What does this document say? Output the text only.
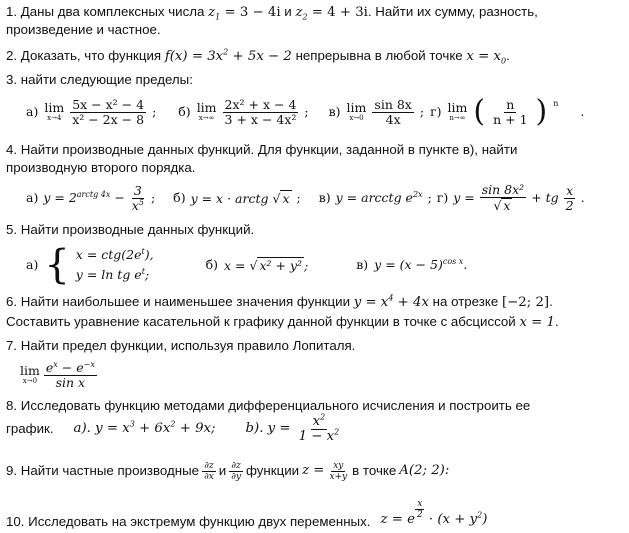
1. Даны два комплексных числа $z_1 = 3 - 4i$ и $z_2 = 4 + 3i$. Найти их сумму, разность,
произведение и частное.
2. Доказать, что функция $f(x) = 3x^2 + 5x - 2$ непрерывна в любой точке $x = x_0$.
3. найти следующие пределы:
а) lim
x→4
5x − x² − 4
x² − 2x − 8 ; б) lim
x→∞
2x² + x − 4
3 + x − 4x² ; в) lim
x→0
sin 8x
4x ; г) lim
n→∞ ( n
n + 1 ) $^n$
.
4. Найти производные данных функций. Для функции, заданной в пункте в), найти
производную второго порядка.
а) $y = 2^{arctg 4x} - \frac{3}{x^5}$ ; б) y = x · arctg √ x ; в) y = arcctg $e^{2x}$ ; г) $y = \frac{\text{sin 8x²}}{√ x}$ + tg x
2 .
5. Найти производные данных функций.
а) { $x = ctg(2e^t)$,
y = ln tg $e^t$;
б) x = √ x² + y² ;	в) $y = (x - 5)^{cos x}$.
6. Найти наибольшее и наименьшее значения функции $y = x^4 + 4x$ на отрезке [−2; 2].
Составить уравнение касательной к графику данной функции в точке с абсциссой x = 1.
7. Найти предел функции, используя правило Лопиталя.
lim
x→0
$e^x - e^{-x}$
sin x
8. Исследовать функцию методами дифференциального исчисления и построить ее
график. a). $y = x^3 + 6x^2 + 9x$; b). $y = \frac{x^2}{1 - x^2}$
9. Найти частные производные ∂z
∂x и ∂z
∂y функции $z = \frac{xy}{x+y}$ в точке A(2; 2):
10. Исследовать на экстремум функцию двух переменных. z = e $\frac{x}{2} \cdot (x + y^2)$
